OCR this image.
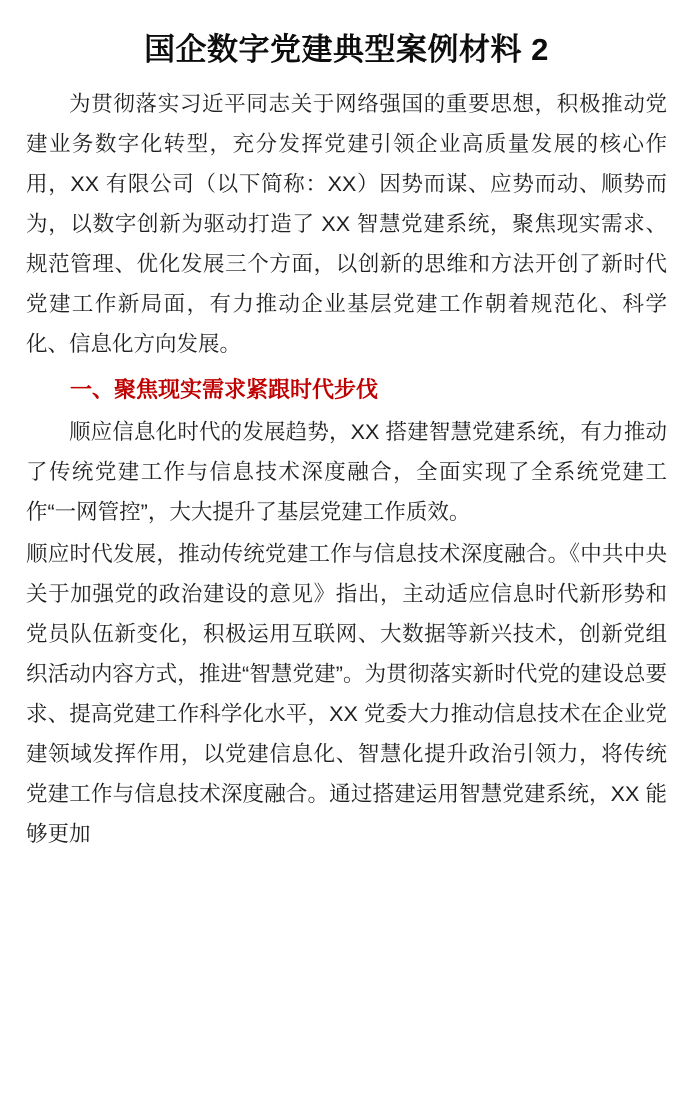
国企数字党建典型案例材料 2

为贯彻落实习近平同志关于网络强国的重要思想，积极推动党建业务数字化转型，充分发挥党建引领企业高质量发展的核心作用，XX 有限公司（以下简称：XX）因势而谋、应势而动、顺势而为，以数字创新为驱动打造了 XX 智慧党建系统，聚焦现实需求、规范管理、优化发展三个方面，以创新的思维和方法开创了新时代党建工作新局面，有力推动企业基层党建工作朝着规范化、科学化、信息化方向发展。

一、聚焦现实需求紧跟时代步伐

顺应信息化时代的发展趋势，XX 搭建智慧党建系统，有力推动了传统党建工作与信息技术深度融合，全面实现了全系统党建工作“一网管控”，大大提升了基层党建工作质效。

顺应时代发展，推动传统党建工作与信息技术深度融合。《中共中央关于加强党的政治建设的意见》指出，主动适应信息时代新形势和党员队伍新变化，积极运用互联网、大数据等新兴技术，创新党组织活动内容方式，推进“智慧党建”。为贯彻落实新时代党的建设总要求、提高党建工作科学化水平，XX 党委大力推动信息技术在企业党建领域发挥作用，以党建信息化、智慧化提升政治引领力，将传统党建工作与信息技术深度融合。通过搭建运用智慧党建系统，XX 能够更加
